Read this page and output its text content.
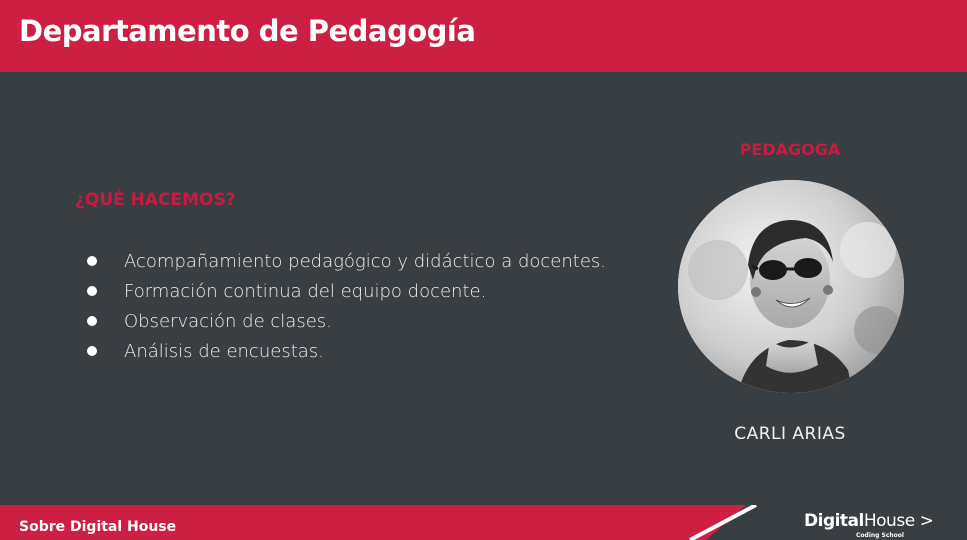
Departamento de Pedagogía
¿QUÉ HACEMOS?
Acompañamiento pedagógico y didáctico a docentes.
Formación continua del equipo docente.
Observación de clases.
Análisis de encuestas.
PEDAGOGA
CARLI ARIAS
Sobre Digital House	DigitalHouse >
Coding School
